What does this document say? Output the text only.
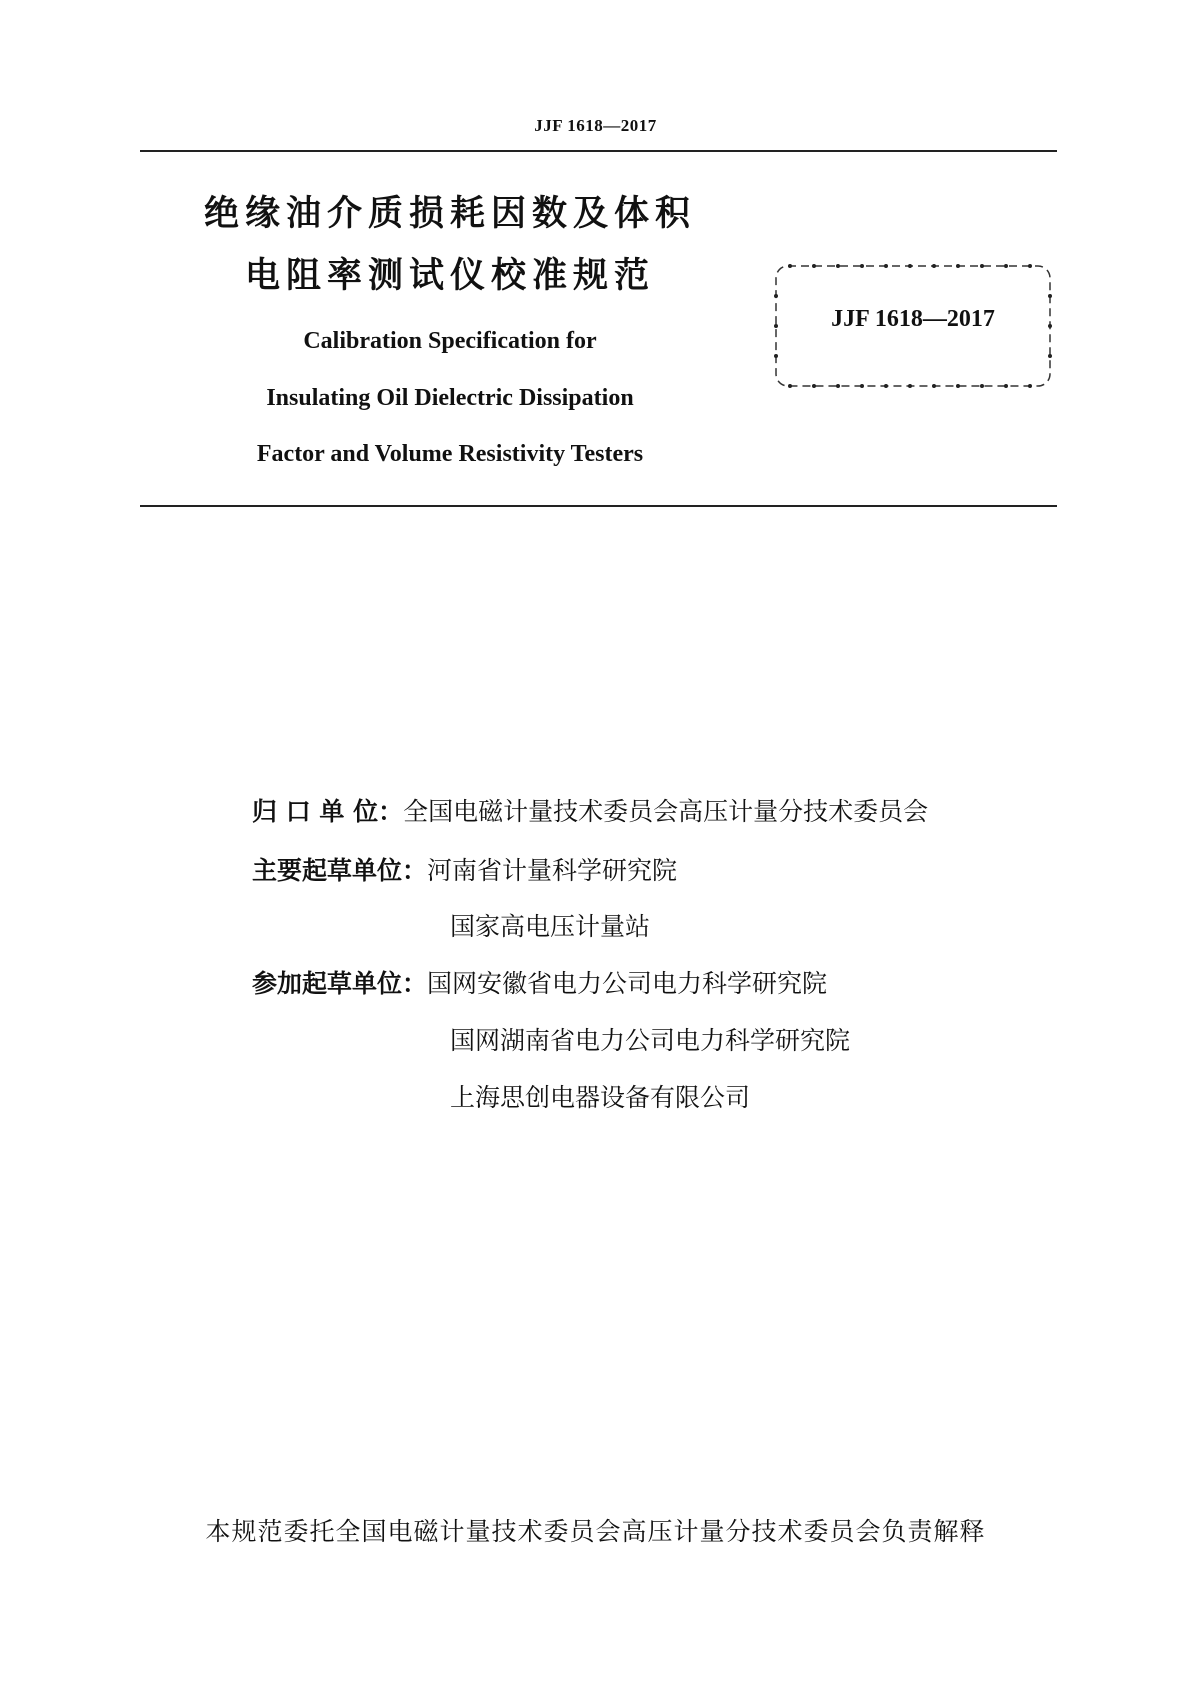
JJF 1618—2017
绝缘油介质损耗因数及体积
电阻率测试仪校准规范
Calibration Specification for
Insulating Oil Dielectric Dissipation
Factor and Volume Resistivity Testers
JJF 1618—2017
归 口 单 位：全国电磁计量技术委员会高压计量分技术委员会
主要起草单位：河南省计量科学研究院
国家高电压计量站
参加起草单位：国网安徽省电力公司电力科学研究院
国网湖南省电力公司电力科学研究院
上海思创电器设备有限公司
本规范委托全国电磁计量技术委员会高压计量分技术委员会负责解释
